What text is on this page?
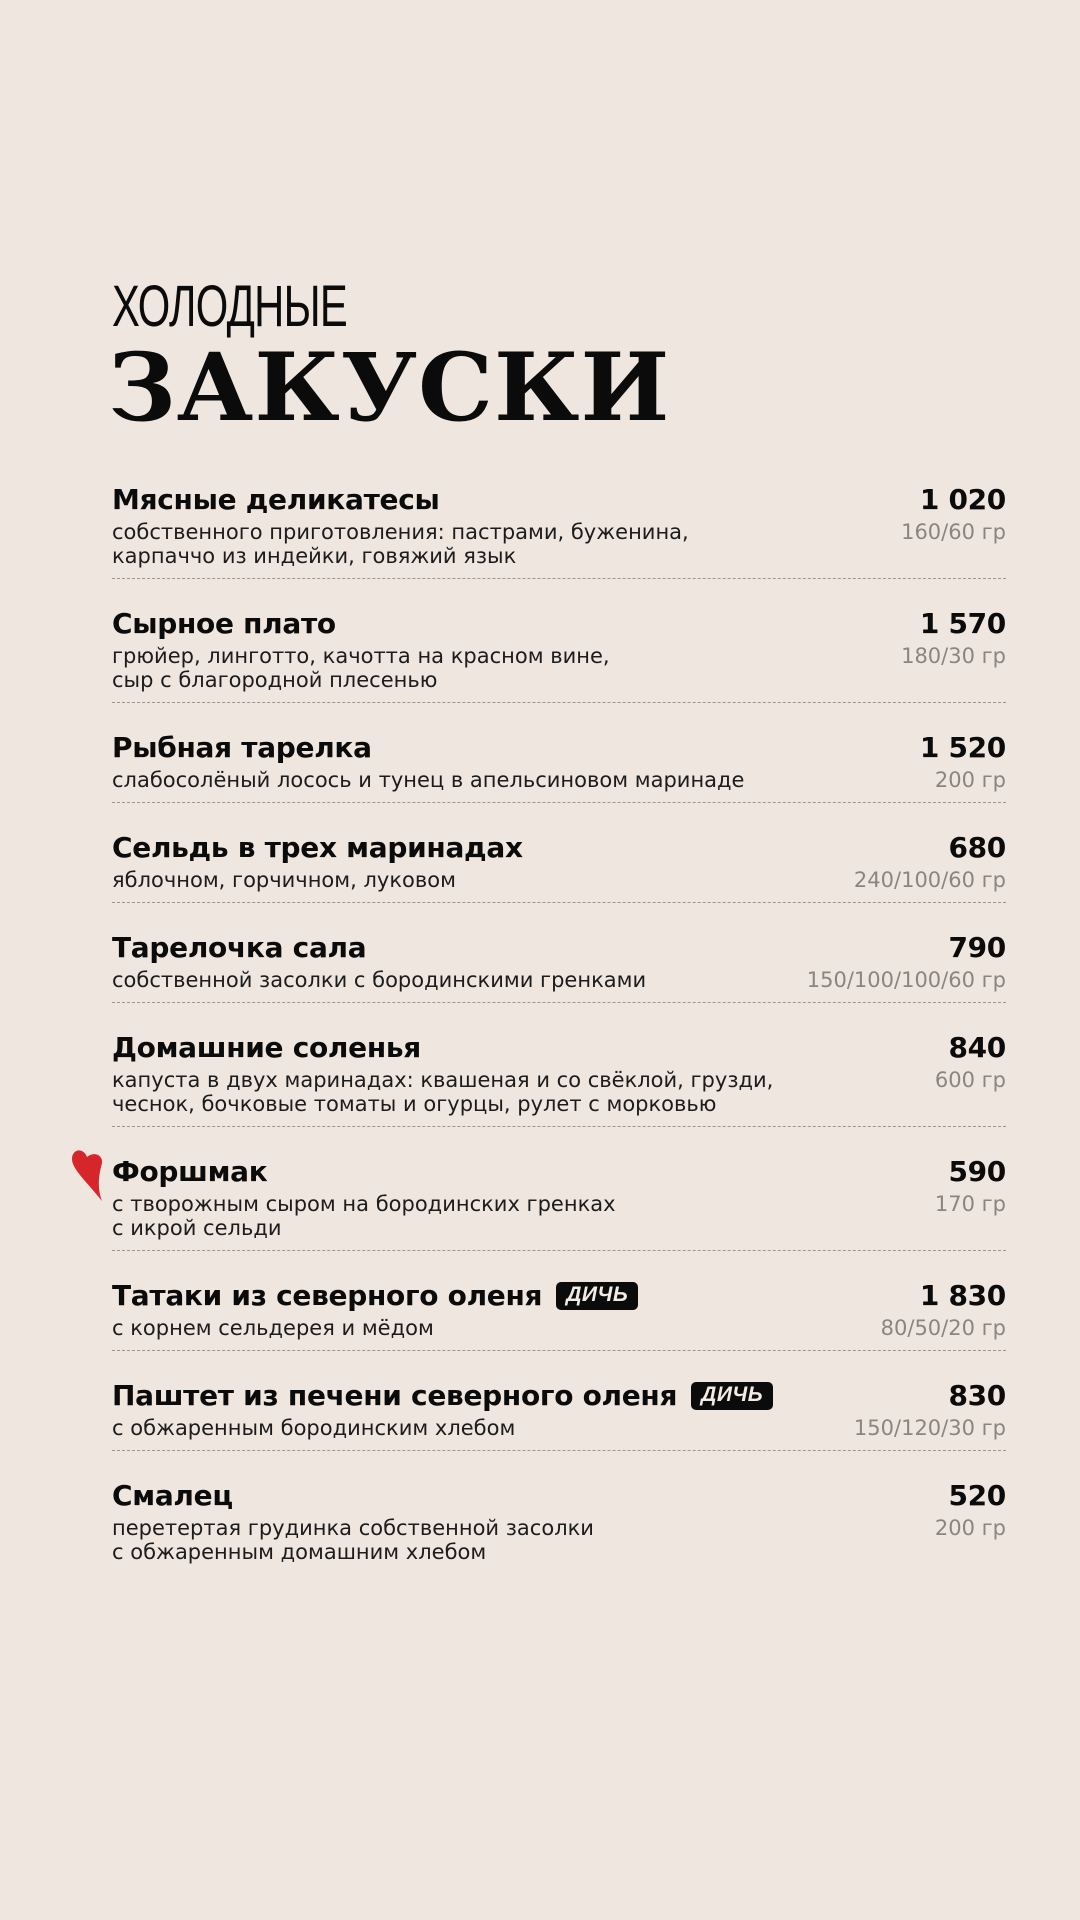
ХОЛОДНЫЕ
ЗАКУСКИ
Мясные деликатесы	1 020
собственного приготовления: пастрами, буженина,
карпаччо из индейки, говяжий язык
160/60 гр
Сырное плато	1 570
грюйер, линготто, качотта на красном вине,
сыр с благородной плесенью
180/30 гр
Рыбная тарелка	1 520
слабосолёный лосось и тунец в апельсиновом маринаде	200 гр
Сельдь в трех маринадах	680
яблочном, горчичном, луковом	240/100/60 гр
Тарелочка сала	790
собственной засолки с бородинскими гренками	150/100/100/60 гр
Домашние соленья	840
капуста в двух маринадах: квашеная и со свёклой, грузди,
чеснок, бочковые томаты и огурцы, рулет с морковью
600 гр
Форшмак	590
с творожным сыром на бородинских гренках
с икрой сельди
170 гр
Татаки из северного оленя	ДИЧЬ	1 830
с корнем сельдерея и мёдом	80/50/20 гр
Паштет из печени северного оленя	ДИЧЬ	830
с обжаренным бородинским хлебом	150/120/30 гр
Смалец	520
перетертая грудинка собственной засолки
с обжаренным домашним хлебом
200 гр
